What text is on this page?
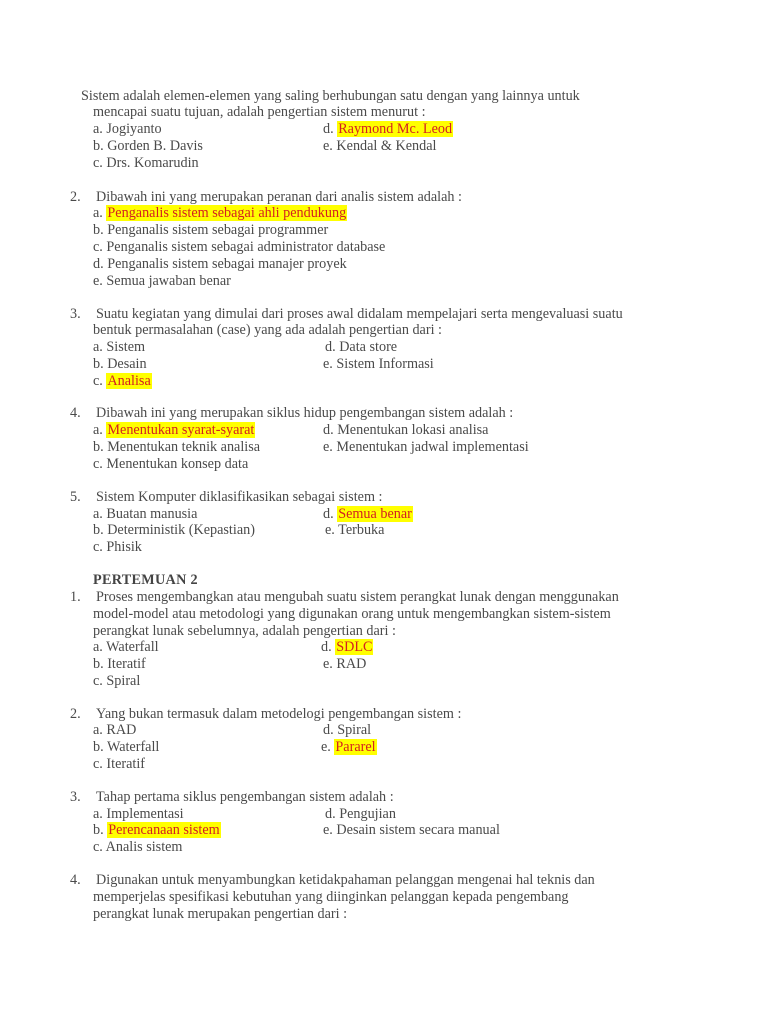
Sistem adalah elemen-elemen yang saling berhubungan satu dengan yang lainnya untuk
mencapai suatu tujuan, adalah pengertian sistem menurut :
a. Jogiyanto	d. Raymond Mc. Leod
b. Gorden B. Davis	e. Kendal & Kendal
c. Drs. Komarudin
2. Dibawah ini yang merupakan peranan dari analis sistem adalah :
a. Penganalis sistem sebagai ahli pendukung
b. Penganalis sistem sebagai programmer
c. Penganalis sistem sebagai administrator database
d. Penganalis sistem sebagai manajer proyek
e. Semua jawaban benar
3. Suatu kegiatan yang dimulai dari proses awal didalam mempelajari serta mengevaluasi suatu
bentuk permasalahan (case) yang ada adalah pengertian dari :
a. Sistem	d. Data store
b. Desain	e. Sistem Informasi
c. Analisa
4. Dibawah ini yang merupakan siklus hidup pengembangan sistem adalah :
a. Menentukan syarat-syarat	d. Menentukan lokasi analisa
b. Menentukan teknik analisa	e. Menentukan jadwal implementasi
c. Menentukan konsep data
5. Sistem Komputer diklasifikasikan sebagai sistem :
a. Buatan manusia	d. Semua benar
b. Deterministik (Kepastian)	e. Terbuka
c. Phisik
PERTEMUAN 2
1. Proses mengembangkan atau mengubah suatu sistem perangkat lunak dengan menggunakan
model-model atau metodologi yang digunakan orang untuk mengembangkan sistem-sistem
perangkat lunak sebelumnya, adalah pengertian dari :
a. Waterfall	d. SDLC
b. Iteratif	e. RAD
c. Spiral
2. Yang bukan termasuk dalam metodelogi pengembangan sistem :
a. RAD	d. Spiral
b. Waterfall	e. Pararel
c. Iteratif
3. Tahap pertama siklus pengembangan sistem adalah :
a. Implementasi	d. Pengujian
b. Perencanaan sistem	e. Desain sistem secara manual
c. Analis sistem
4. Digunakan untuk menyambungkan ketidakpahaman pelanggan mengenai hal teknis dan
memperjelas spesifikasi kebutuhan yang diinginkan pelanggan kepada pengembang
perangkat lunak merupakan pengertian dari :
